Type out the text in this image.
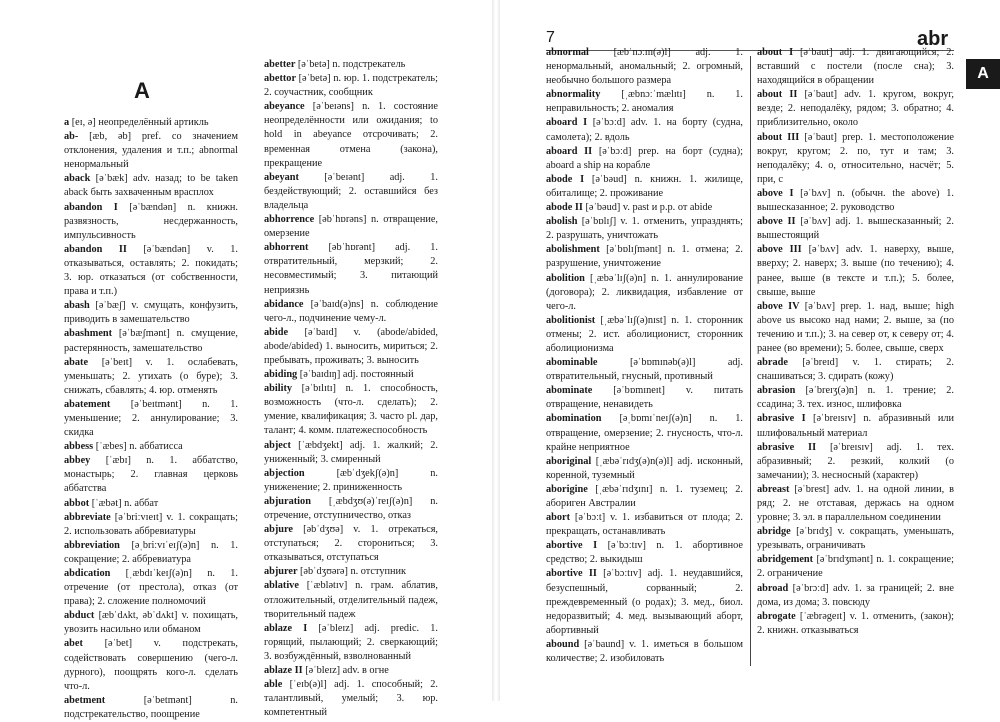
A

a [eɪ, ə] неопределённый артикль

ab- [æb, əb] pref. со значением отклонения, удаления и т.п.; abnormal ненормальный

aback [əˈbæk] adv. назад; to be taken aback быть захваченным врасплох

abandon I [əˈbændən] n. книжн. развязность, несдержанность, импульсивность

abandon II [əˈbændən] v. 1. отказываться, оставлять; 2. покидать; 3. юр. отказаться (от собственности, права и т.п.)

abash [əˈbæʃ] v. смущать, конфузить, приводить в замешательство

abashment [əˈbæʃmənt] n. смущение, растерянность, замешательство

abate [əˈbeɪt] v. 1. ослабевать, уменьшать; 2. утихать (о буре); 3. снижать, сбавлять; 4. юр. отменять

abatement [əˈbeɪtmənt] n. 1. уменьшение; 2. аннулирование; 3. скидка

abbess [ˈæbes] n. аббатисса

abbey [ˈæbɪ] n. 1. аббатство, монастырь; 2. главная церковь аббатства

abbot [ˈæbət] n. аббат

abbreviate [əˈbriːvɪeɪt] v. 1. сокращать; 2. использовать аббревиатуры

abbreviation [əˌbriːvɪˈeɪʃ(ə)n] n. 1. сокращение; 2. аббревиатура

abdication [ˌæbdɪˈkeɪʃ(ə)n] n. 1. отречение (от престола), отказ (от права); 2. сложение полномочий

abduct [æbˈdʌkt, əbˈdʌkt] v. похищать, увозить насильно или обманом

abet [əˈbet] v. подстрекать, содействовать совершению (чего-л. дурного), поощрять кого-л. сделать что-л.

abetment [əˈbetmənt] n. подстрекательство, поощрение

abetter [əˈbetə] n. подстрекатель

abettor [əˈbetə] n. юр. 1. подстрекатель; 2. соучастник, сообщник

abeyance [əˈbeɪəns] n. 1. состояние неопределённости или ожидания; to hold in abeyance отсрочивать; 2. временная отмена (закона), прекращение

abeyant [əˈbeɪənt] adj. 1. бездействующий; 2. оставшийся без владельца

abhorrence [əbˈhɒrəns] n. отвращение, омерзение

abhorrent [əbˈhɒrənt] adj. 1. отвратительный, мерзкий; 2. несовместимый; 3. питающий неприязнь

abidance [əˈbaɪd(ə)ns] n. соблюдение чего-л., подчинение чему-л.

abide [əˈbaɪd] v. (abode/abided, abode/abided) 1. выносить, мириться; 2. пребывать, проживать; 3. выносить

abiding [əˈbaɪdɪŋ] adj. постоянный

ability [əˈbɪlɪtɪ] n. 1. способность, возможность (что-л. сделать); 2. умение, квалификация; 3. часто pl. дар, талант; 4. комм. платежеспособность

abject [ˈæbdʒekt] adj. 1. жалкий; 2. униженный; 3. смиренный

abjection [æbˈdʒekʃ(ə)n] n. униженение; 2. приниженность

abjuration [ˌæbdʒʊ(ə)ˈreɪʃ(ə)n] n. отречение, отступничество, отказ

abjure [əbˈdʒʊə] v. 1. отрекаться, отступаться; 2. сторониться; 3. отказываться, отступаться

abjurer [əbˈdʒʊərə] n. отступник

ablative [ˈæblətɪv] n. грам. аблатив, отложительный, отделительный падеж, творительный падеж

ablaze I [əˈbleɪz] adj. predic. 1. горящий, пылающий; 2. сверкающий; 3. возбуждённый, взволнованный

ablaze II [əˈbleɪz] adv. в огне

able [ˈeɪb(ə)l] adj. 1. способный; 2. талантливый, умелый; 3. юр. компетентный

7	abr
A

abnormal [æbˈnɔːm(ə)l] adj. 1. ненормальный, аномальный; 2. огромный, необычно большого размера

abnormality [ˌæbnɔːˈmælɪtɪ] n. 1. неправильность; 2. аномалия

aboard I [əˈbɔːd] adv. 1. на борту (судна, самолета); 2. вдоль

aboard II [əˈbɔːd] prep. на борт (судна); aboard a ship на корабле

abode I [əˈbəud] n. книжн. 1. жилище, обиталище; 2. проживание

abode II [əˈbəud] v. past и p.p. от abide

abolish [əˈbɒlɪʃ] v. 1. отменить, упразднять; 2. разрушать, уничтожать

abolishment [əˈbɒlɪʃmənt] n. 1. отмена; 2. разрушение, уничтожение

abolition [ˌæbəˈlɪʃ(ə)n] n. 1. аннулирование (договора); 2. ликвидация, избавление от чего-л.

abolitionist [ˌæbəˈlɪʃ(ə)nɪst] n. 1. сторонник отмены; 2. ист. аболиционист, сторонник аболиционизма

abominable [əˈbɒmɪnəb(ə)l] adj. отвратительный, гнусный, противный

abominate [əˈbɒmɪneɪt] v. питать отвращение, ненавидеть

abomination [əˌbɒmɪˈneɪʃ(ə)n] n. 1. отвращение, омерзение; 2. гнусность, что-л. крайне неприятное

aboriginal [ˌæbəˈrɪdʒ(ə)n(ə)l] adj. исконный, коренной, туземный

aborigine [ˌæbəˈrɪdʒɪnɪ] n. 1. туземец; 2. абориген Австралии

abort [əˈbɔːt] v. 1. избавиться от плода; 2. прекращать, останавливать

abortive I [əˈbɔːtɪv] n. 1. абортивное средство; 2. выкидыш

abortive II [əˈbɔːtɪv] adj. 1. неудавшийся, безуспешный, сорванный; 2. преждевременный (о родах); 3. мед., биол. недоразвитый; 4. мед. вызывающий аборт, абортивный

abound [əˈbaund] v. 1. иметься в большом количестве; 2. изобиловать

about I [əˈbaut] adj. 1. двигающийся; 2. вставший с постели (после сна); 3. находящийся в обращении

about II [əˈbaut] adv. 1. кругом, вокруг, везде; 2. неподалёку, рядом; 3. обратно; 4. приблизительно, около

about III [əˈbaut] prep. 1. местоположение вокруг, кругом; 2. по, тут и там; 3. неподалёку; 4. о, относительно, насчёт; 5. при, с

above I [əˈbʌv] n. (обычн. the above) 1. вышесказанное; 2. руководство

above II [əˈbʌv] adj. 1. вышесказанный; 2. вышестоящий

above III [əˈbʌv] adv. 1. наверху, выше, вверху; 2. наверх; 3. выше (по течению); 4. ранее, выше (в тексте и т.п.); 5. более, свыше, выше

above IV [əˈbʌv] prep. 1. над, выше; high above us высоко над нами; 2. выше, за (по течению и т.п.); 3. на север от, к северу от; 4. ранее (во времени); 5. более, свыше, сверх

abrade [əˈbreɪd] v. 1. стирать; 2. снашиваться; 3. сдирать (кожу)

abrasion [əˈbreɪʒ(ə)n] n. 1. трение; 2. ссадина; 3. тех. износ, шлифовка

abrasive I [əˈbreɪsɪv] n. абразивный или шлифовальный материал

abrasive II [əˈbreɪsɪv] adj. 1. тех. абразивный; 2. резкий, колкий (о замечании); 3. несносный (характер)

abreast [əˈbrest] adv. 1. на одной линии, в ряд; 2. не отставая, держась на одном уровне; 3. эл. в параллельном соединении

abridge [əˈbrɪdʒ] v. сокращать, уменьшать, урезывать, ограничивать

abridgement [əˈbrɪdʒmənt] n. 1. сокращение; 2. ограничение

abroad [əˈbrɔːd] adv. 1. за границей; 2. вне дома, из дома; 3. повсюду

abrogate [ˈæbrəgeɪt] v. 1. отменить, (закон); 2. книжн. отказываться
